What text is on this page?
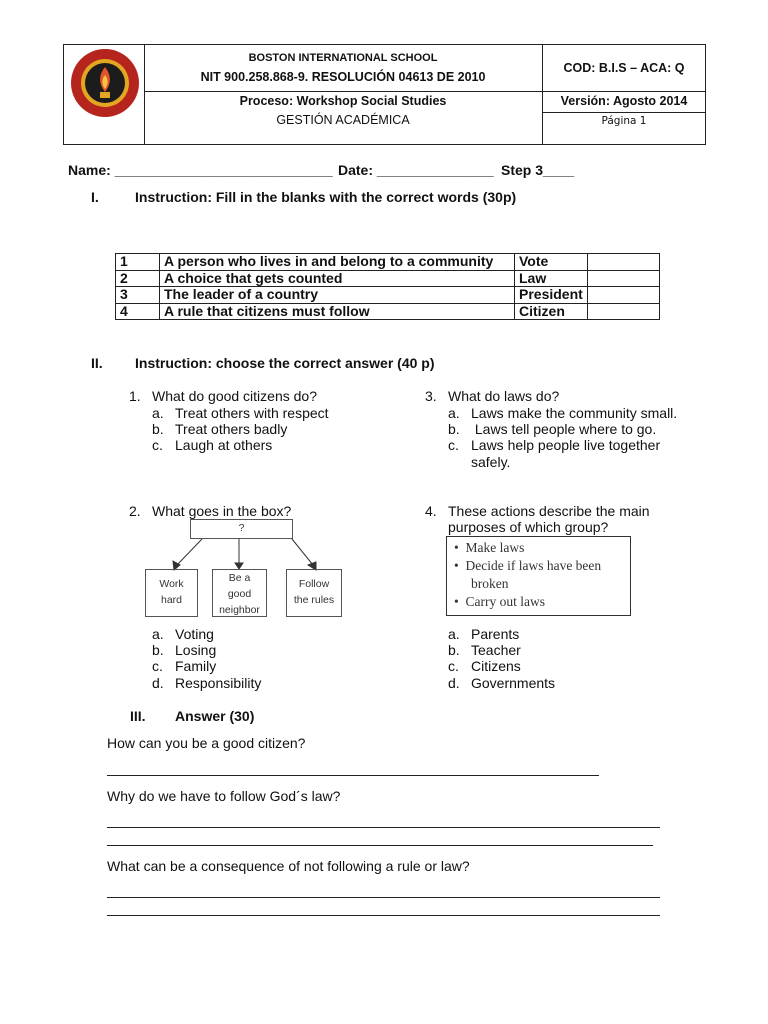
BOSTON INTERNATIONAL SCHOOL
NIT 900.258.868-9. RESOLUCIÓN 04613 DE 2010
COD: B.I.S – ACA: Q
Proceso: Workshop Social Studies
GESTIÓN ACADÉMICA
Versión: Agosto 2014
Página 1
Name: ____________________________ Date: _______________ Step 3____
I.	Instruction: Fill in the blanks with the correct words (30p)
1	A person who lives in and belong to a community	Vote	
2	A choice that gets counted	Law	
3	The leader of a country	President	
4	A rule that citizens must follow	Citizen	
II. Instruction: choose the correct answer (40 p)
1. What do good citizens do?
a. Treat others with respect
b. Treat others badly
c. Laugh at others
3. What do laws do?
a. Laws make the community small.
b. Laws tell people where to go.
c. Laws help people live together
safely.
2. What goes in the box?
?
Work
hard
Be a
good
neighbor
Follow
the rules
a. Voting
b. Losing
c. Family
d. Responsibility
4. These actions describe the main
purposes of which group?
• Make laws
• Decide if laws have been
broken
• Carry out laws
a. Parents
b. Teacher
c. Citizens
d. Governments
III. Answer (30)
How can you be a good citizen?
Why do we have to follow God´s law?
What can be a consequence of not following a rule or law?
